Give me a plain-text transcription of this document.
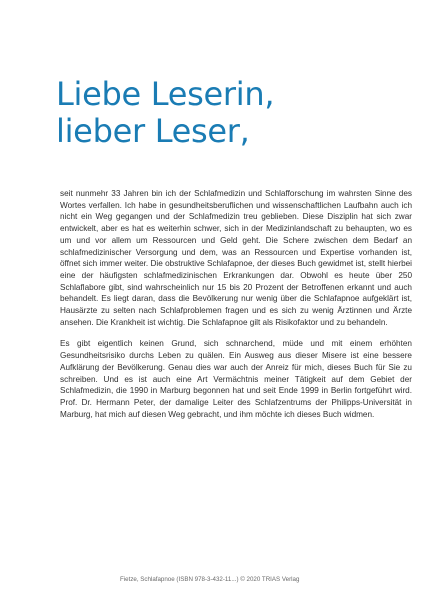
Liebe Leserin,
lieber Leser,

seit nunmehr 33 Jahren bin ich der Schlafmedizin und Schlafforschung im wahrsten Sinne des Wortes verfallen. Ich habe in gesundheitsberuflichen und wissenschaftlichen Laufbahn auch ich nicht ein Weg gegangen und der Schlafmedizin treu geblieben. Diese Disziplin hat sich zwar entwickelt, aber es hat es weiterhin schwer, sich in der Medizinlandschaft zu behaupten, wo es um und vor allem um Ressourcen und Geld geht. Die Schere zwischen dem Bedarf an schlafmedizinischer Versorgung und dem, was an Ressourcen und Expertise vorhanden ist, öffnet sich immer weiter. Die obstruktive Schlafapnoe, der dieses Buch gewidmet ist, stellt hierbei eine der häufigsten schlafmedizinischen Erkrankungen dar. Obwohl es heute über 250 Schlaflabore gibt, sind wahrscheinlich nur 15 bis 20 Prozent der Betroffenen erkannt und auch behandelt. Es liegt daran, dass die Bevölkerung nur wenig über die Schlafapnoe aufgeklärt ist, Hausärzte zu selten nach Schlafproblemen fragen und es sich zu wenig Ärztinnen und Ärzte ansehen. Die Krankheit ist wichtig. Die Schlafapnoe gilt als Risikofaktor und zu behandeln.

Es gibt eigentlich keinen Grund, sich schnarchend, müde und mit einem erhöhten Gesundheitsrisiko durchs Leben zu quälen. Ein Ausweg aus dieser Misere ist eine bessere Aufklärung der Bevölkerung. Genau dies war auch der Anreiz für mich, dieses Buch für Sie zu schreiben. Und es ist auch eine Art Vermächtnis meiner Tätigkeit auf dem Gebiet der Schlafmedizin, die 1990 in Marburg begonnen hat und seit Ende 1999 in Berlin fortgeführt wird. Prof. Dr. Hermann Peter, der damalige Leiter des Schlafzentrums der Philipps-Universität in Marburg, hat mich auf diesen Weg gebracht, und ihm möchte ich dieses Buch widmen.

Fietze, Schlafapnoe (ISBN 978-3-432-11...) © 2020 TRIAS Verlag
